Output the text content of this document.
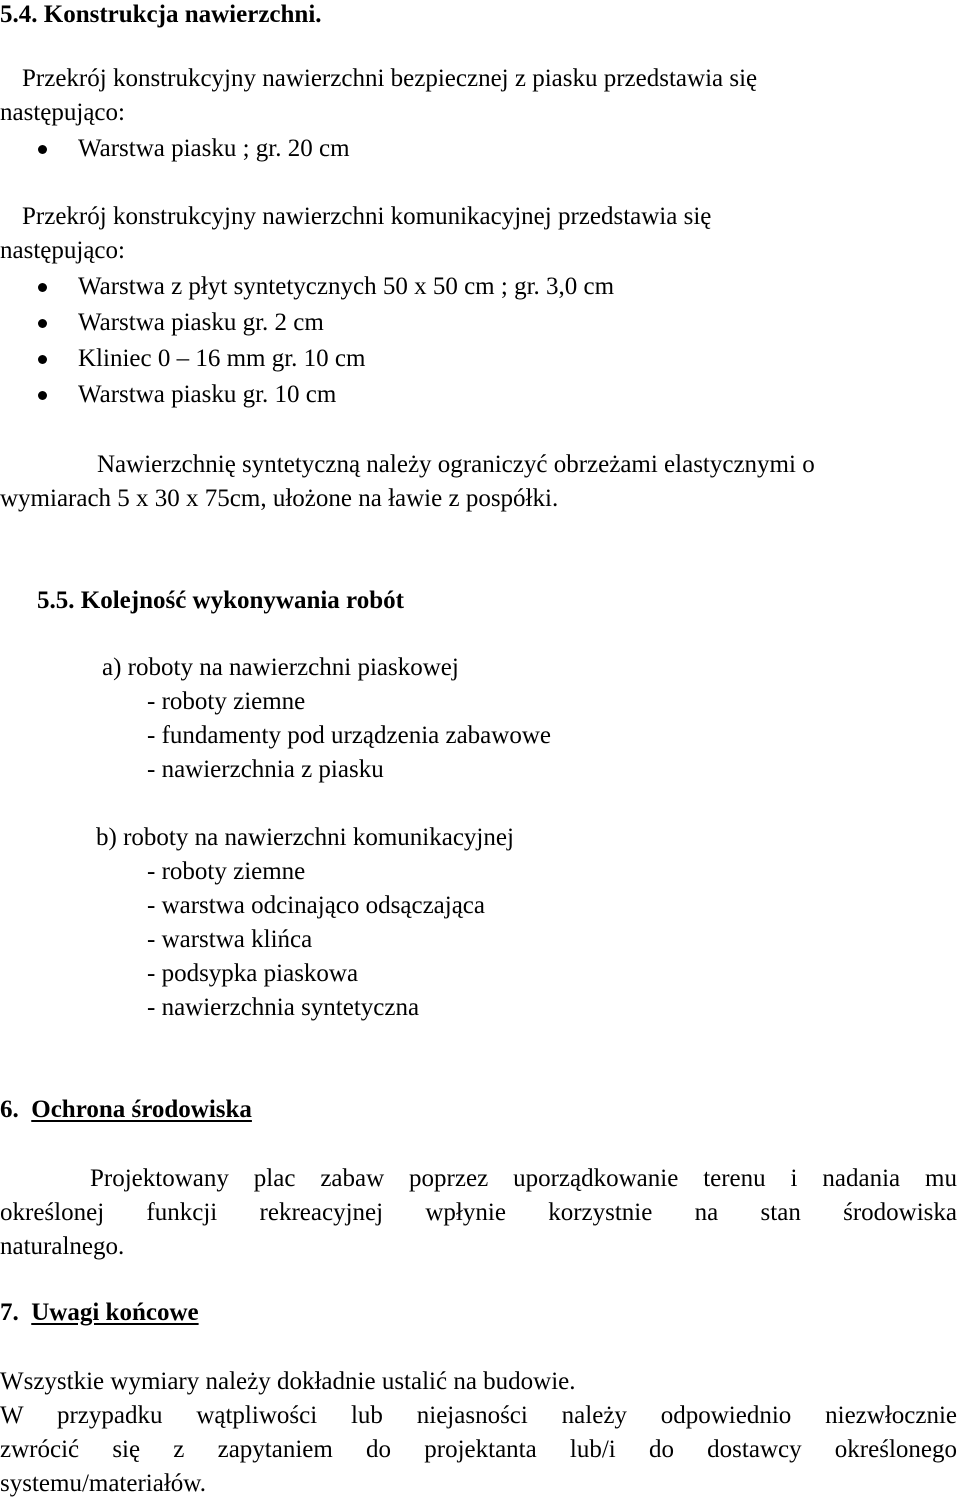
5.4. Konstrukcja nawierzchni.
Przekrój konstrukcyjny nawierzchni bezpiecznej z piasku przedstawia się
następująco:
Warstwa piasku ; gr. 20 cm
Przekrój konstrukcyjny nawierzchni komunikacyjnej przedstawia się
następująco:
Warstwa z płyt syntetycznych 50 x 50 cm ; gr. 3,0 cm
Warstwa piasku gr. 2 cm
Kliniec 0 – 16 mm gr. 10 cm
Warstwa piasku gr. 10 cm
Nawierzchnię syntetyczną należy ograniczyć obrzeżami elastycznymi o
wymiarach 5 x 30 x 75cm, ułożone na ławie z pospółki.
5.5. Kolejność wykonywania robót
a) roboty na nawierzchni piaskowej
- roboty ziemne
- fundamenty pod urządzenia zabawowe
- nawierzchnia z piasku
b) roboty na nawierzchni komunikacyjnej
- roboty ziemne
- warstwa odcinająco odsączająca
- warstwa klińca
- podsypka piaskowa
- nawierzchnia syntetyczna
6. Ochrona środowiska
Projektowany plac zabaw poprzez uporządkowanie terenu i nadania mu
określonej funkcji rekreacyjnej wpłynie korzystnie na stan środowiska
naturalnego.
7. Uwagi końcowe
Wszystkie wymiary należy dokładnie ustalić na budowie.
W przypadku wątpliwości lub niejasności należy odpowiednio niezwłocznie
zwrócić się z zapytaniem do projektanta lub/i do dostawcy określonego
systemu/materiałów.
